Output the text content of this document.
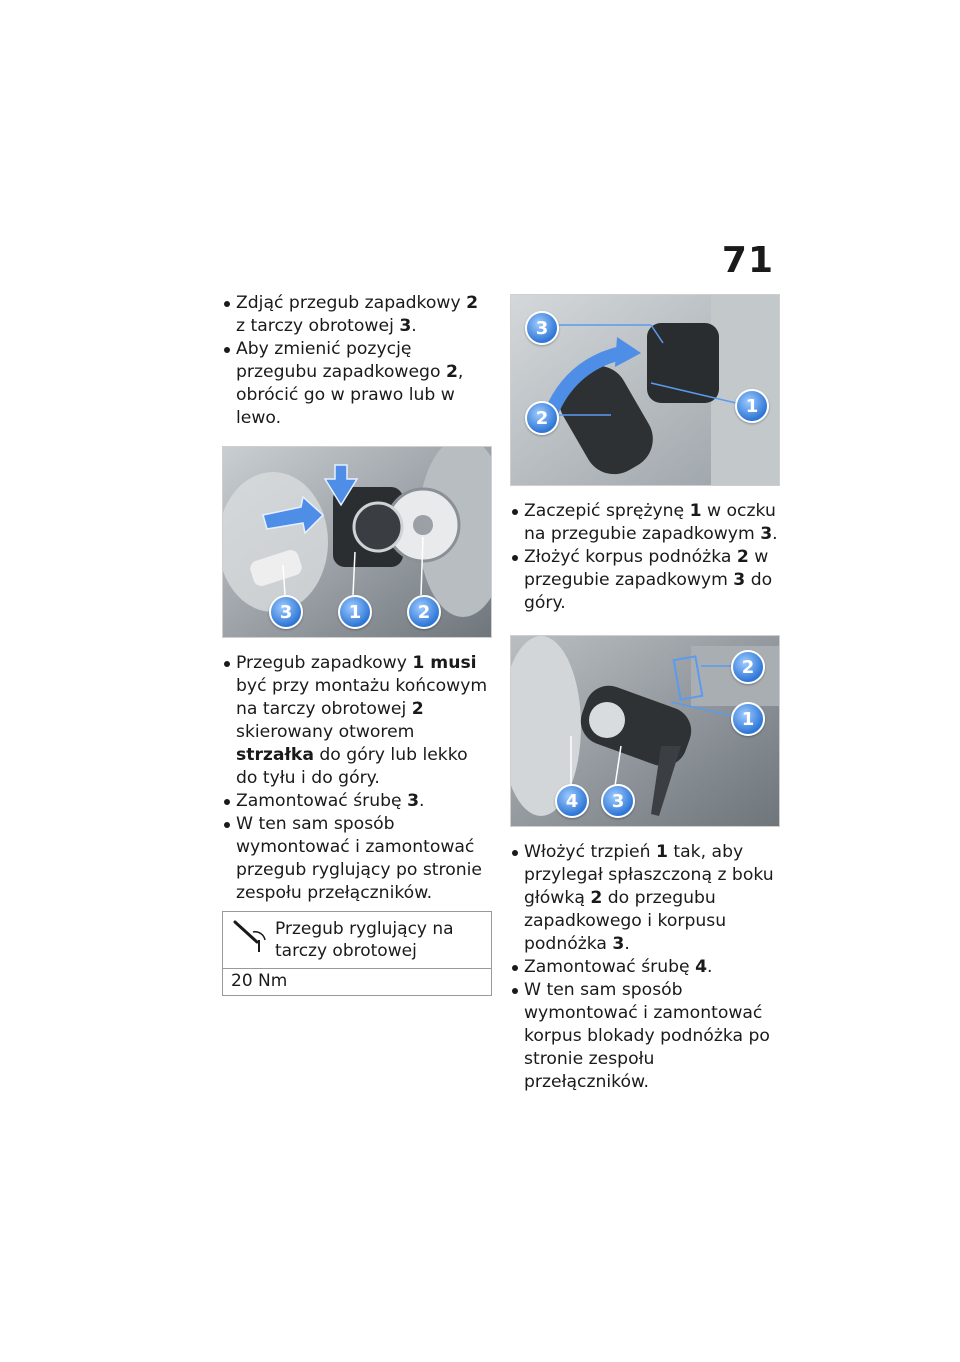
71
Zdjąć przegub zapadkowy 2 z tarczy obrotowej 3.
Aby zmienić pozycję przegubu zapadkowego 2, obrócić go w prawo lub w lewo.
3	1	2
Przegub zapadkowy 1 musi być przy montażu końcowym na tarczy obrotowej 2 skierowany otworem strzałka do góry lub lekko do tyłu i do góry.
Zamontować śrubę 3.
W ten sam sposób wymontować i zamontować przegub ryglujący po stronie zespołu przełączników.
Przegub ryglujący na tarczy obrotowej
20 Nm
3
2
1
Zaczepić sprężynę 1 w oczku na przegubie zapadkowym 3.
Złożyć korpus podnóżka 2 w przegubie zapadkowym 3 do góry.
2
1
4	3
Włożyć trzpień 1 tak, aby przylegał spłaszczoną z boku główką 2 do przegubu zapadkowego i korpusu podnóżka 3.
Zamontować śrubę 4.
W ten sam sposób wymontować i zamontować korpus blokady podnóżka po stronie zespołu przełączników.
